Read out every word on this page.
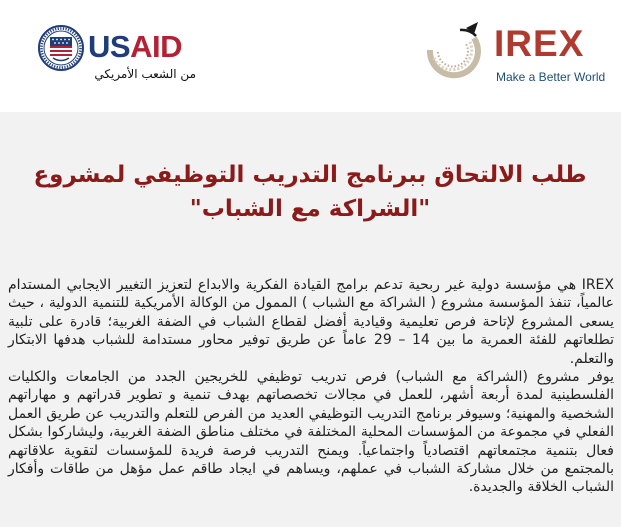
USAID
من الشعب الأمريكي
IREX
Make a Better World
طلب الالتحاق ببرنامج التدريب التوظيفي لمشروع "الشراكة مع الشباب"

IREX هي مؤسسة دولية غير ربحية تدعم برامج القيادة الفكرية والابداع لتعزيز التغيير الايجابي المستدام عالمياً، تنفذ المؤسسة مشروع ( الشراكة مع الشباب ) الممول من الوكالة الأمريكية للتنمية الدولية ، حيث يسعى المشروع لإتاحة فرص تعليمية وقيادية أفضل لقطاع الشباب في الضفة الغربية؛ قادرة على تلبية تطلعاتهم للفئة العمرية ما بين 14 – 29 عاماً عن طريق توفير محاور مستدامة للشباب هدفها الابتكار والتعلم.

يوفر مشروع (الشراكة مع الشباب) فرص تدريب توظيفي للخريجين الجدد من الجامعات والكليات الفلسطينية لمدة أربعة أشهر، للعمل في مجالات تخصصاتهم بهدف تنمية و تطوير قدراتهم و مهاراتهم الشخصية والمهنية؛ وسيوفر برنامج التدريب التوظيفي العديد من الفرص للتعلم والتدريب عن طريق العمل الفعلي في مجموعة من المؤسسات المحلية المختلفة في مختلف مناطق الضفة الغربية، وليشاركوا بشكل فعال بتنمية مجتمعاتهم اقتصادياً واجتماعياً. ويمنح التدريب فرصة فريدة للمؤسسات لتقوية علاقاتهم بالمجتمع من خلال مشاركة الشباب في عملهم، ويساهم في ايجاد طاقم عمل مؤهل من طاقات وأفكار الشباب الخلاقة والجديدة.
